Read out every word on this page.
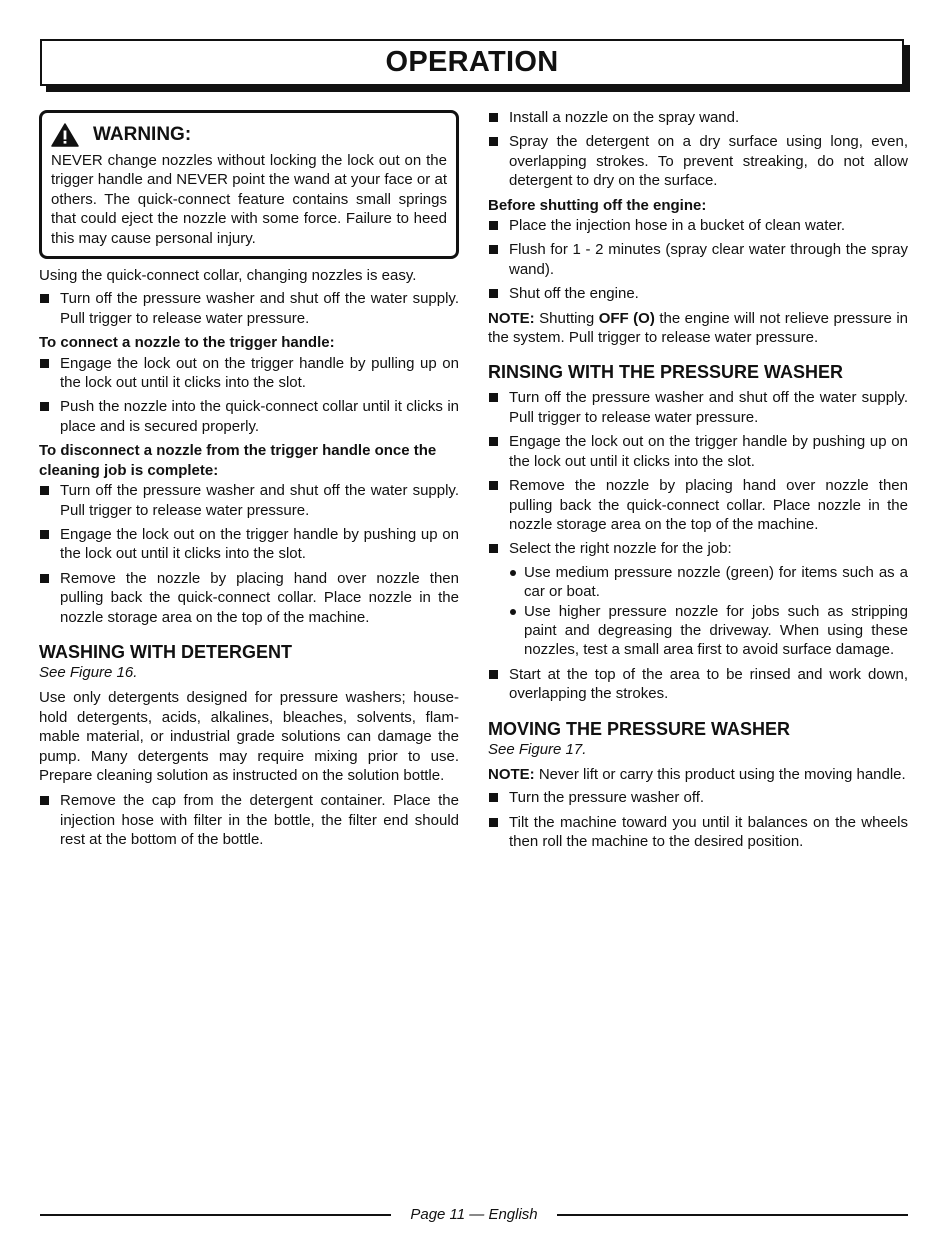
OPERATION
WARNING:

NEVER change nozzles without locking the lock out on the trigger handle and NEVER point the wand at your face or at others. The quick-connect feature contains small springs that could eject the nozzle with some force. Failure to heed this may cause personal injury.

Using the quick-connect collar, changing nozzles is easy.

Turn off the pressure washer and shut off the water supply. Pull trigger to release water pressure.

To connect a nozzle to the trigger handle:

Engage the lock out on the trigger handle by pulling up on the lock out until it clicks into the slot.
Push the nozzle into the quick-connect collar until it clicks in place and is secured properly.

To disconnect a nozzle from the trigger handle once the cleaning job is complete:

Turn off the pressure washer and shut off the water supply. Pull trigger to release water pressure.
Engage the lock out on the trigger handle by pushing up on the lock out until it clicks into the slot.
Remove the nozzle by placing hand over nozzle then pulling back the quick-connect collar. Place nozzle in the nozzle storage area on the top of the machine.
WASHING WITH DETERGENT

See Figure 16.

Use only detergents designed for pressure washers; house-hold detergents, acids, alkalines, bleaches, solvents, flam-mable material, or industrial grade solutions can damage the pump. Many detergents may require mixing prior to use. Prepare cleaning solution as instructed on the solution bottle.

Remove the cap from the detergent container. Place the injection hose with filter in the bottle, the filter end should rest at the bottom of the bottle.
Install a nozzle on the spray wand.
Spray the detergent on a dry surface using long, even, overlapping strokes. To prevent streaking, do not allow detergent to dry on the surface.

Before shutting off the engine:

Place the injection hose in a bucket of clean water.
Flush for 1 - 2 minutes (spray clear water through the spray wand).
Shut off the engine.

NOTE: Shutting OFF (O) the engine will not relieve pressure in the system. Pull trigger to release water pressure.

RINSING WITH THE PRESSURE WASHER
Turn off the pressure washer and shut off the water supply. Pull trigger to release water pressure.
Engage the lock out on the trigger handle by pushing up on the lock out until it clicks into the slot.
Remove the nozzle by placing hand over nozzle then pulling back the quick-connect collar. Place nozzle in the nozzle storage area on the top of the machine.
Select the right nozzle for the job:
Use medium pressure nozzle (green) for items such as a car or boat.
Use higher pressure nozzle for jobs such as stripping paint and degreasing the driveway. When using these nozzles, test a small area first to avoid surface damage.
Start at the top of the area to be rinsed and work down, overlapping the strokes.
MOVING THE PRESSURE WASHER

See Figure 17.

NOTE: Never lift or carry this product using the moving handle.

Turn the pressure washer off.
Tilt the machine toward you until it balances on the wheels then roll the machine to the desired position.
Page 11 — English
